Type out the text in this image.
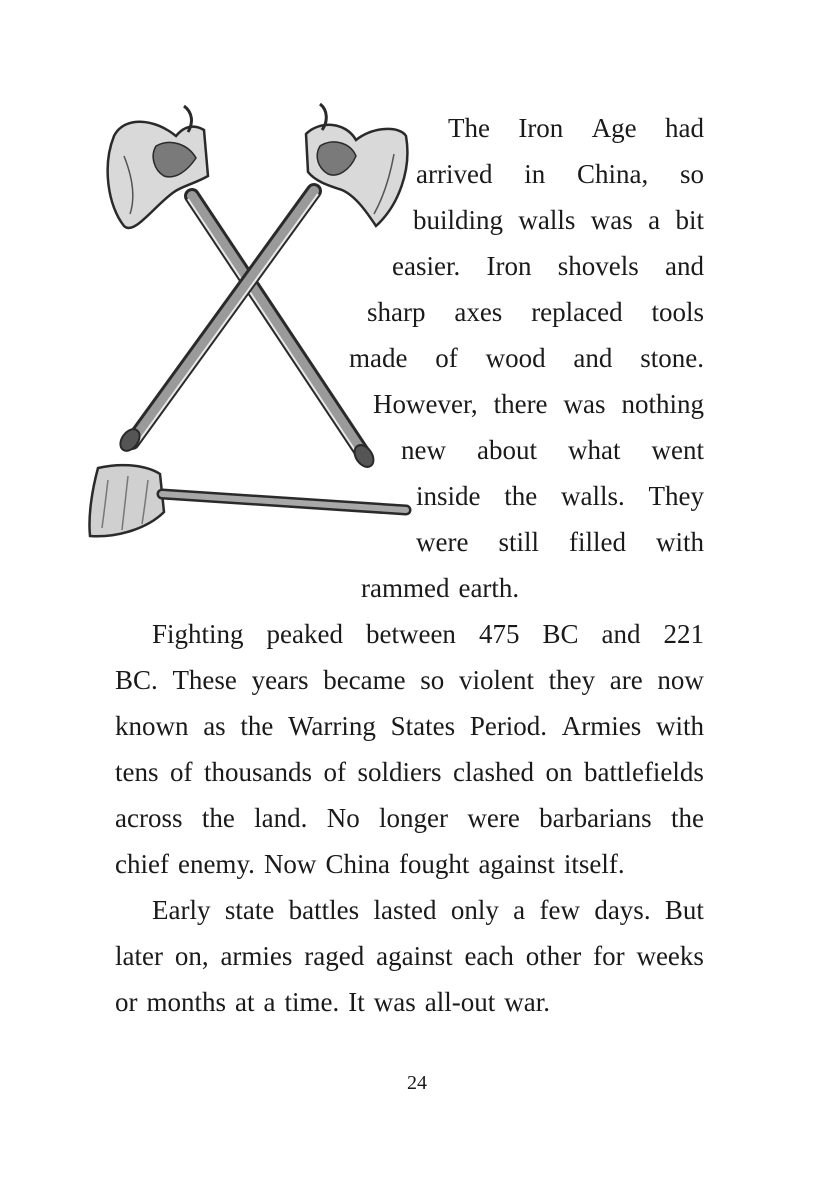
The Iron Age had
arrived in China, so
building walls was a bit
easier. Iron shovels and
sharp axes replaced tools
made of wood and stone.
However, there was nothing
new about what went
inside the walls. They
were still filled with
rammed earth.
Fighting peaked between 475 BC and 221
BC. These years became so violent they are now
known as the Warring States Period. Armies with
tens of thousands of soldiers clashed on battlefields
across the land. No longer were barbarians the
chief enemy. Now China fought against itself.
Early state battles lasted only a few days. But
later on, armies raged against each other for weeks
or months at a time. It was all-out war.
24
